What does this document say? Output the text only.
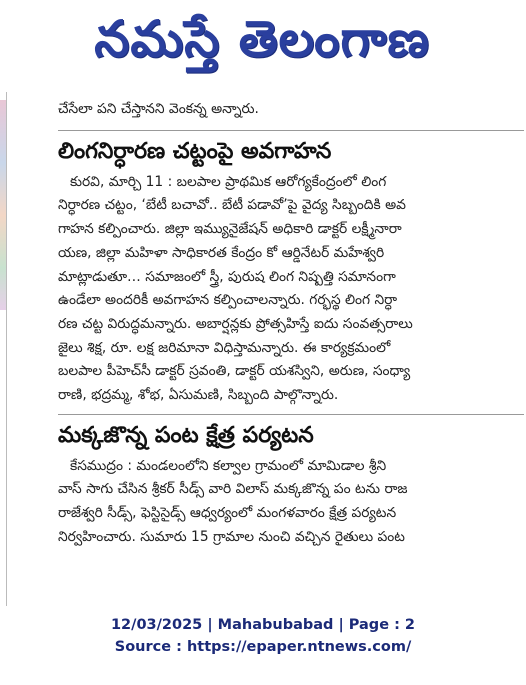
నమస్తే తెలంగాణ

చేసేలా పని చేస్తానని వెంకన్న అన్నారు.

లింగనిర్ధారణ చట్టంపై అవగాహన

కురవి, మార్చి 11 : బలపాల ప్రాథమిక ఆరోగ్యకేంద్రంలో లింగ

నిర్ధారణ చట్టం, ‘బేటీ బచావో.. బేటీ పడావో’పై వైద్య సిబ్బందికి అవ

గాహన కల్పించారు. జిల్లా ఇమ్యునైజేషన్ అధికారి డాక్టర్ లక్ష్మీనారా

యణ, జిల్లా మహిళా సాధికారత కేంద్రం కో ఆర్డినేటర్ మహేశ్వరి

మాట్లాడుతూ… సమాజంలో స్త్రీ, పురుష లింగ నిష్పత్తి సమానంగా

ఉండేలా అందరికీ అవగాహన కల్పించాలన్నారు. గర్భస్థ లింగ నిర్ధా

రణ చట్ట విరుద్ధమన్నారు. అబార్షన్లకు ప్రోత్సహిస్తే ఐదు సంవత్సరాలు

జైలు శిక్ష, రూ. లక్ష జరిమానా విధిస్తామన్నారు. ఈ కార్యక్రమంలో

బలపాల పీహెచ్‌సీ డాక్టర్ స్రవంతి, డాక్టర్ యశస్విని, అరుణ, సంధ్యా

రాణి, భద్రమ్మ, శోభ, ఏసుమణి, సిబ్బంది పాల్గొన్నారు.

మక్కజొన్న పంట క్షేత్ర పర్యటన

కేసముద్రం : మండలంలోని కల్వాల గ్రామంలో మామిడాల శ్రీని

వాస్ సాగు చేసిన శ్రీకర్ సీడ్స్ వారి విలాస్ మక్కజొన్న పం టను రాజ

రాజేశ్వరి సీడ్స్, ఫెస్టిసైడ్స్ ఆధ్వర్యంలో మంగళవారం క్షేత్ర పర్యటన

నిర్వహించారు. సుమారు 15 గ్రామాల నుంచి వచ్చిన రైతులు పంట

12/03/2025 | Mahabubabad | Page : 2
Source : https://epaper.ntnews.com/
